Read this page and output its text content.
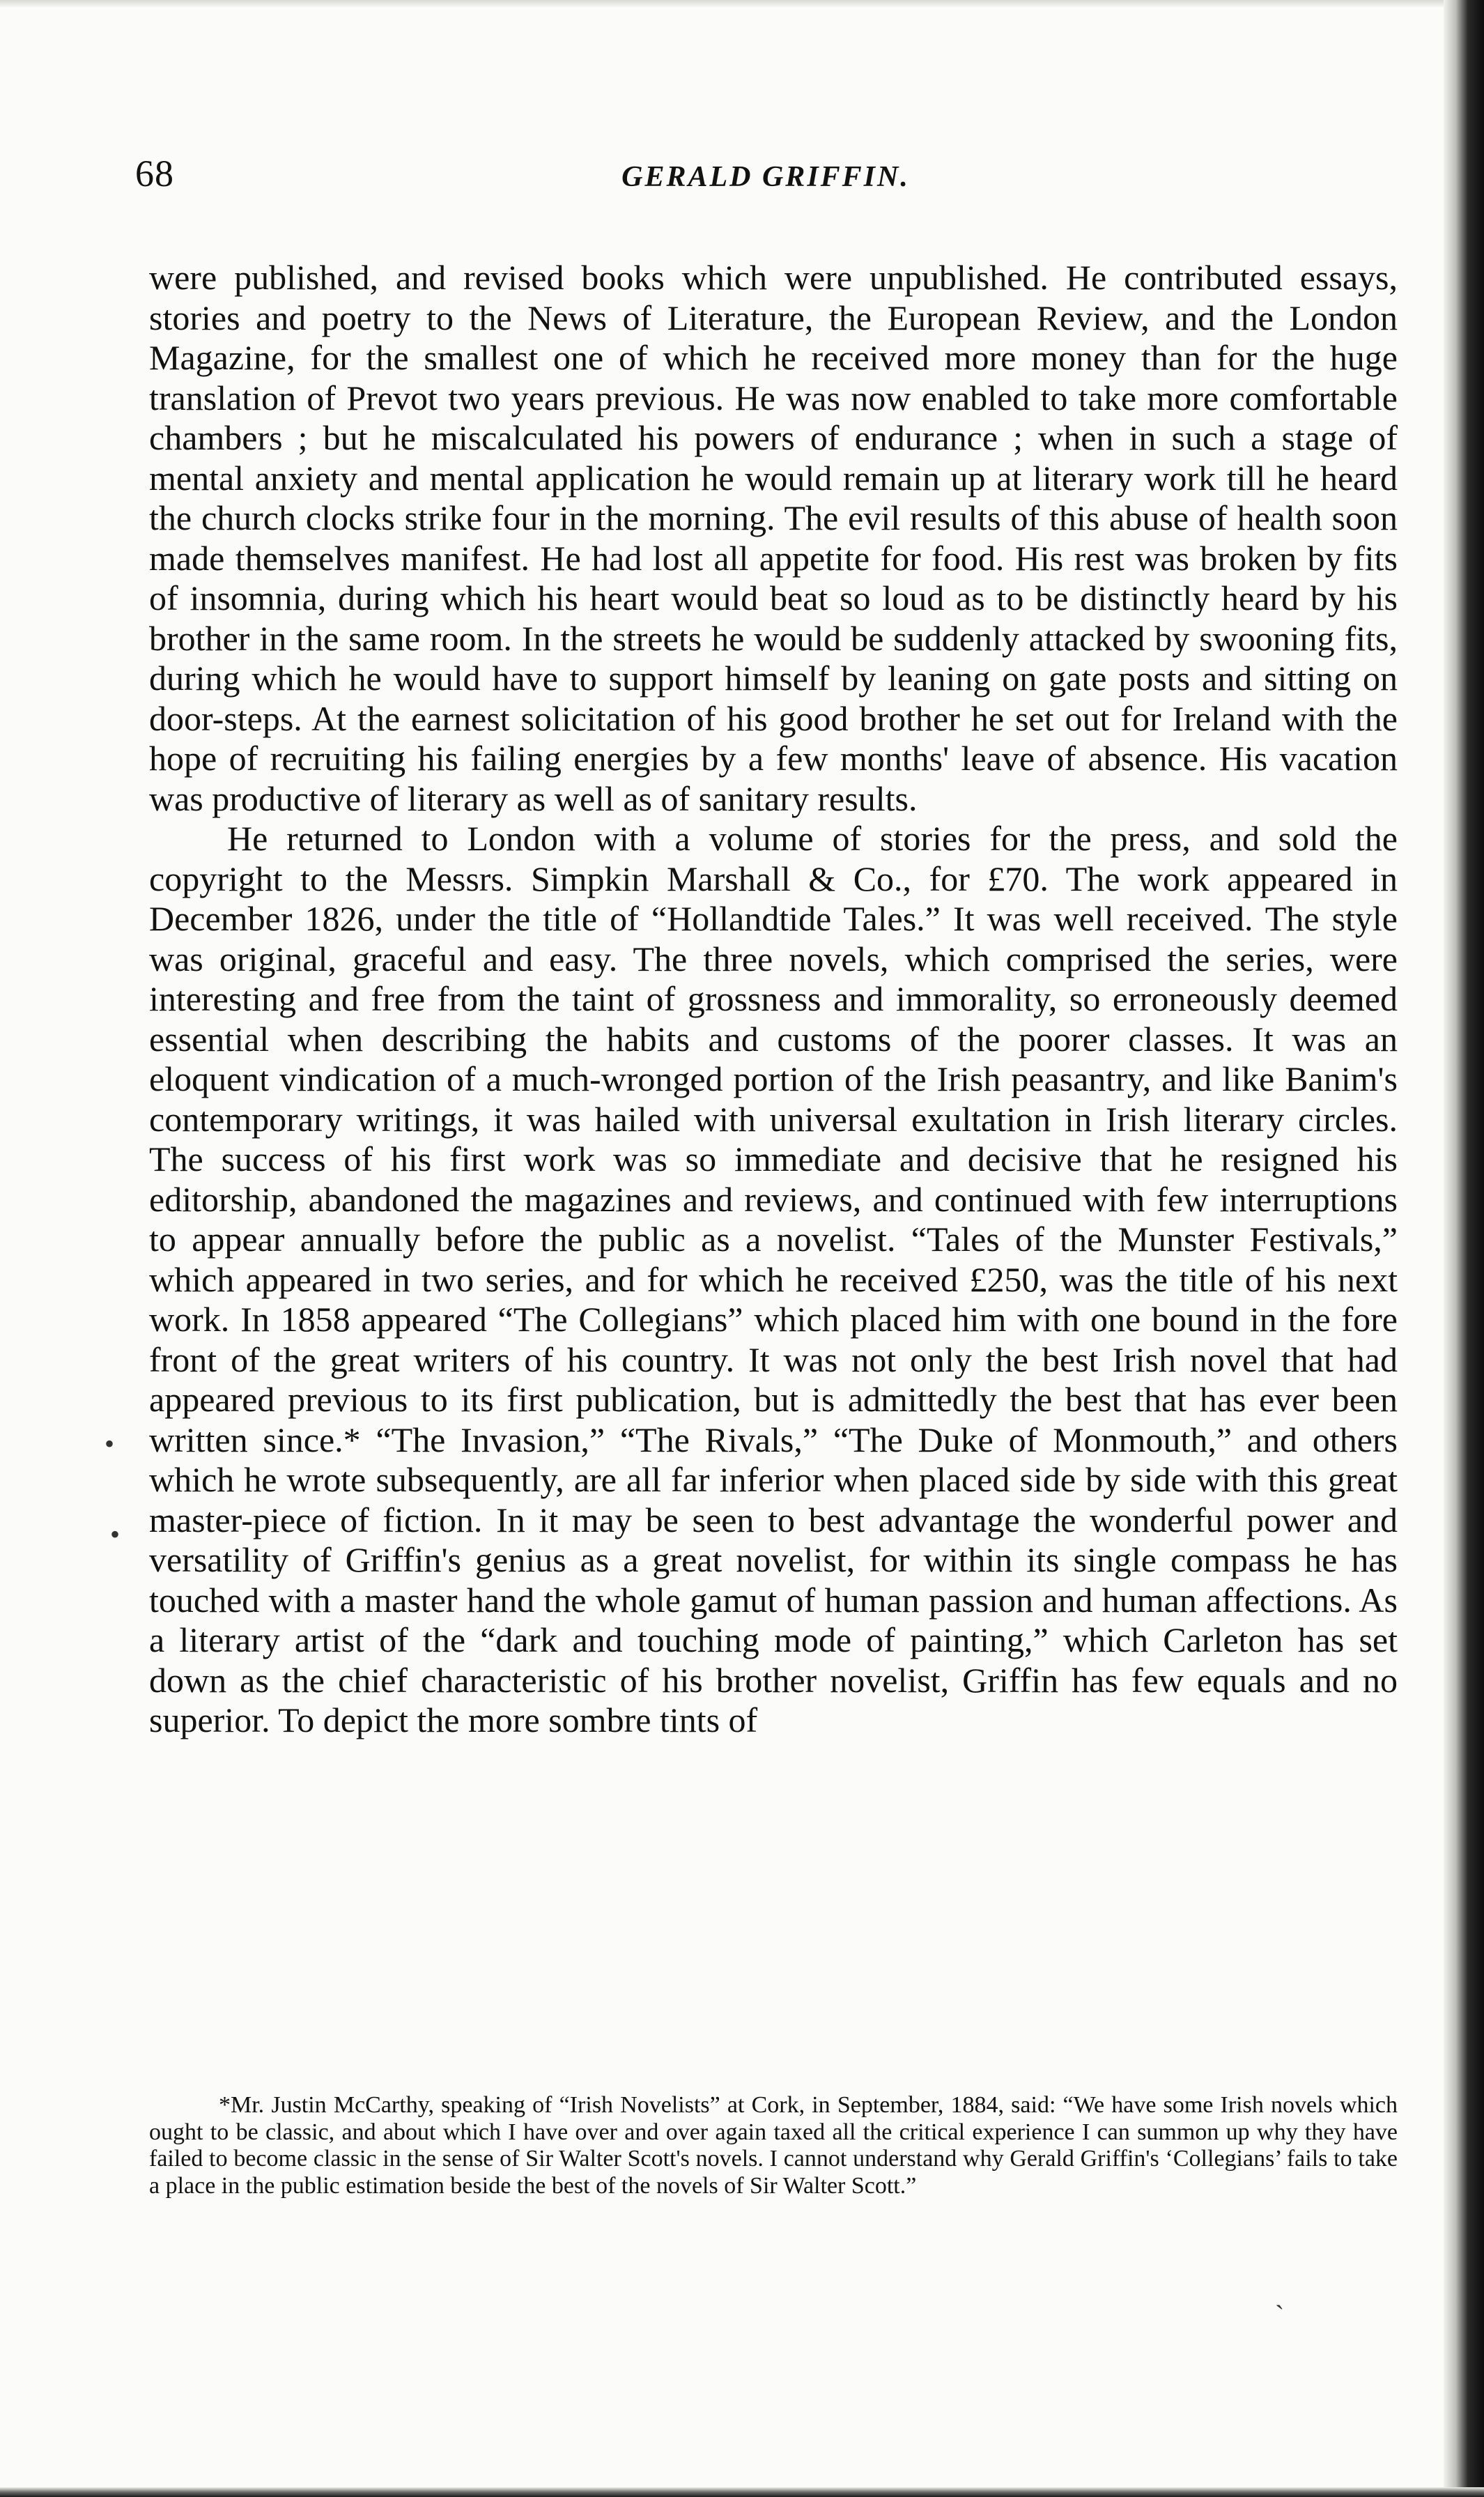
68	GERALD GRIFFIN.

were published, and revised books which were unpublished. He contributed essays, stories and poetry to the News of Literature, the European Review, and the London Magazine, for the smallest one of which he received more money than for the huge translation of Prevot two years previous. He was now enabled to take more comfortable chambers ; but he miscalculated his powers of endurance ; when in such a stage of mental anxiety and mental application he would remain up at literary work till he heard the church clocks strike four in the morning. The evil results of this abuse of health soon made themselves manifest. He had lost all appetite for food. His rest was broken by fits of insomnia, during which his heart would beat so loud as to be distinctly heard by his brother in the same room. In the streets he would be suddenly attacked by swooning fits, during which he would have to support himself by leaning on gate posts and sitting on door-steps. At the earnest solicitation of his good brother he set out for Ireland with the hope of recruiting his failing energies by a few months' leave of absence. His vacation was productive of literary as well as of sanitary results.

He returned to London with a volume of stories for the press, and sold the copyright to the Messrs. Simpkin Marshall & Co., for £70. The work appeared in December 1826, under the title of “Hollandtide Tales.” It was well received. The style was original, graceful and easy. The three novels, which comprised the series, were interesting and free from the taint of grossness and immorality, so erroneously deemed essential when describing the habits and customs of the poorer classes. It was an eloquent vindication of a much-wronged portion of the Irish peasantry, and like Banim's contemporary writings, it was hailed with universal exultation in Irish literary circles. The success of his first work was so immediate and decisive that he resigned his editorship, abandoned the magazines and reviews, and continued with few interruptions to appear annually before the public as a novelist. “Tales of the Munster Festivals,” which appeared in two series, and for which he received £250, was the title of his next work. In 1858 appeared “The Collegians” which placed him with one bound in the fore front of the great writers of his country. It was not only the best Irish novel that had appeared previous to its first publication, but is admittedly the best that has ever been written since.* “The Invasion,” “The Rivals,” “The Duke of Monmouth,” and others which he wrote subsequently, are all far inferior when placed side by side with this great master-piece of fiction. In it may be seen to best advantage the wonderful power and versatility of Griffin's genius as a great novelist, for within its single compass he has touched with a master hand the whole gamut of human passion and human affections. As a literary artist of the “dark and touching mode of painting,” which Carleton has set down as the chief characteristic of his brother novelist, Griffin has few equals and no superior. To depict the more sombre tints of

*Mr. Justin McCarthy, speaking of “Irish Novelists” at Cork, in September, 1884, said: “We have some Irish novels which ought to be classic, and about which I have over and over again taxed all the critical experience I can summon up why they have failed to become classic in the sense of Sir Walter Scott's novels. I cannot understand why Gerald Griffin's ‘Collegians’ fails to take a place in the public estimation beside the best of the novels of Sir Walter Scott.”

•
•
ˏ
